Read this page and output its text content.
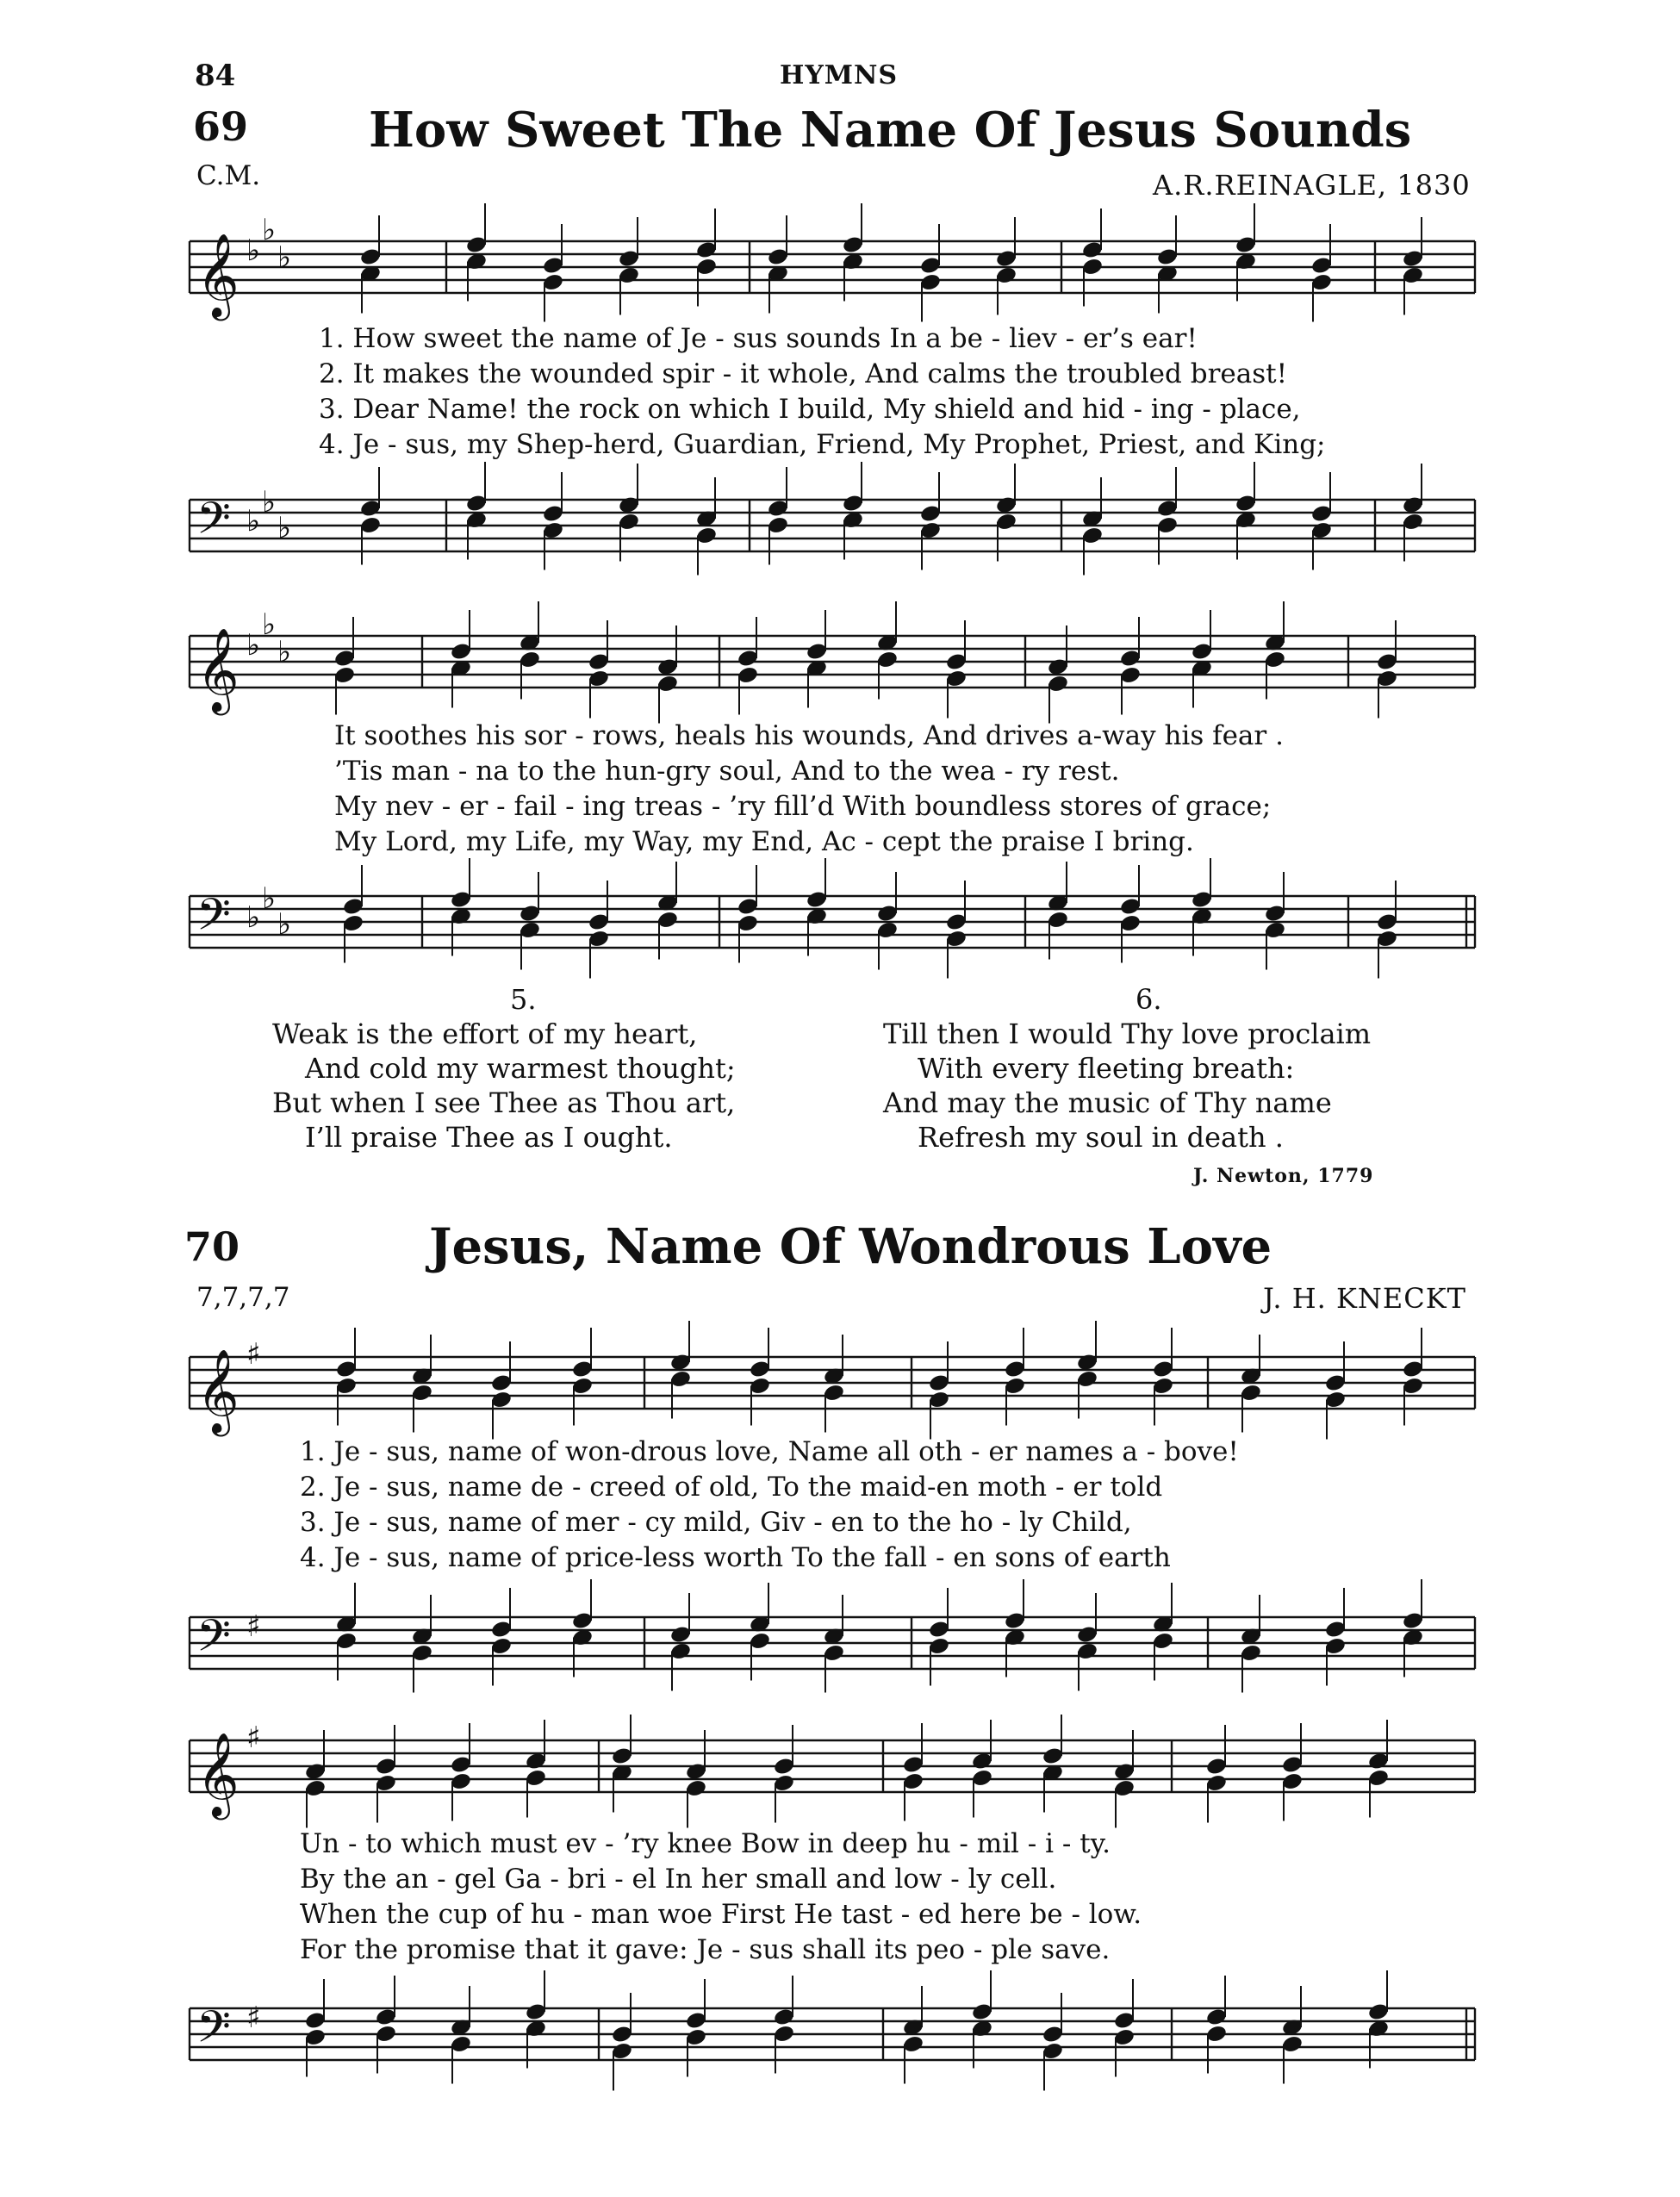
84	HYMNS
69 How Sweet The Name Of Jesus Sounds
C.M.	A.R.REINAGLE, 1830
1. How sweet the name of Je - sus sounds In a be - liev - er’s ear!
2. It makes the wounded spir - it whole, And calms the troubled breast!
3. Dear Name! the rock on which I build, My shield and hid - ing - place,
4. Je - sus, my Shep-herd, Guardian, Friend, My Prophet, Priest, and King;
It soothes his sor - rows, heals his wounds, And drives a-way his fear .
’Tis man - na to the hun-gry soul, And to the wea - ry rest.
My nev - er - fail - ing treas - ’ry fill’d With boundless stores of grace;
My Lord, my Life, my Way, my End, Ac - cept the praise I bring.
5.
Weak is the effort of my heart,
And cold my warmest thought;
But when I see Thee as Thou art,
I’ll praise Thee as I ought.
6.
Till then I would Thy love proclaim
With every fleeting breath:
And may the music of Thy name
Refresh my soul in death .
J. Newton, 1779
70	Jesus, Name Of Wondrous Love
7,7,7,7	J. H. KNECKT
1. Je - sus, name of won-drous love, Name all oth - er names a - bove!
2. Je - sus, name de - creed of old, To the maid-en moth - er told
3. Je - sus, name of mer - cy mild, Giv - en to the ho - ly Child,
4. Je - sus, name of price-less worth To the fall - en sons of earth
Un - to which must ev - ’ry knee Bow in deep hu - mil - i - ty.
By the an - gel Ga - bri - el In her small and low - ly cell.
When the cup of hu - man woe First He tast - ed here be - low.
For the promise that it gave: Je - sus shall its peo - ple save.
𝄞 ♭
♭
♭
𝄢 ♭
♭
♭
𝄞 ♭
♭
♭
𝄢 ♭
♭
♭
𝄞 ♯
𝄢 ♯
𝄞 ♯
𝄢 ♯
